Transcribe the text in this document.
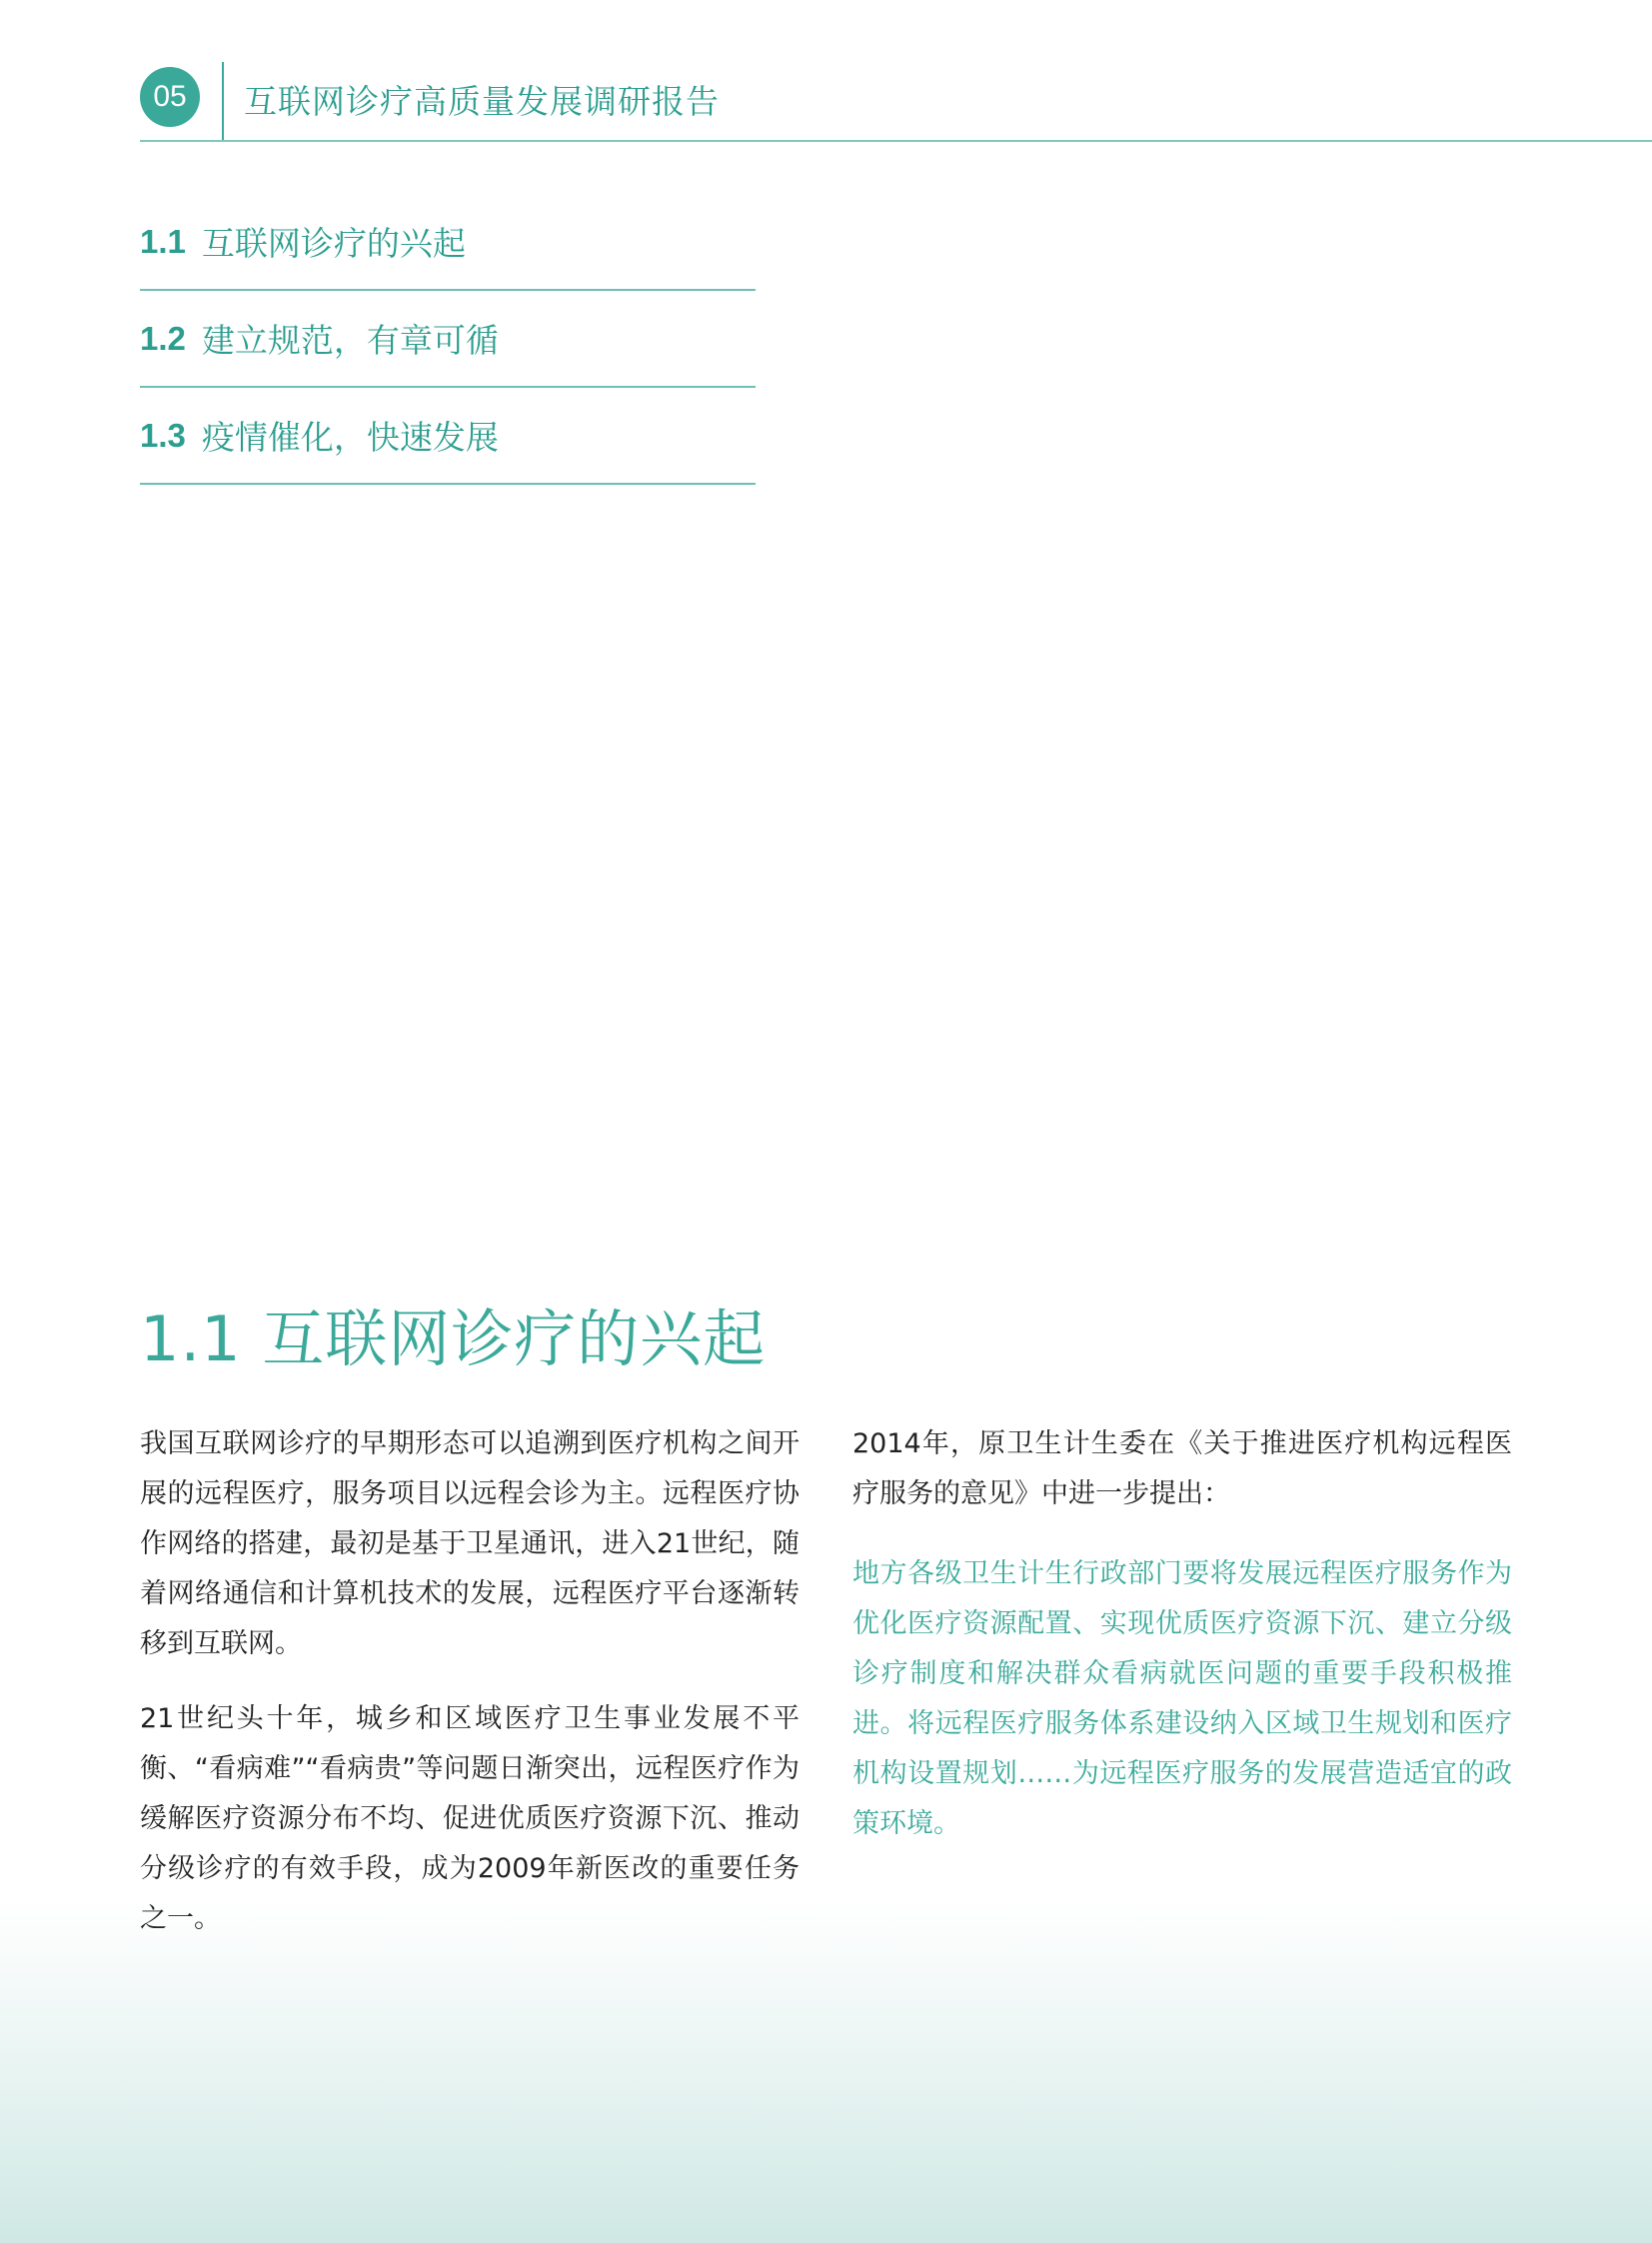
05	互联网诊疗高质量发展调研报告
1.1 互联网诊疗的兴起
1.2 建立规范，有章可循
1.3 疫情催化，快速发展
1.1 互联网诊疗的兴起

我国互联网诊疗的早期形态可以追溯到医疗机构之间开展的远程医疗，服务项目以远程会诊为主。远程医疗协作网络的搭建，最初是基于卫星通讯，进入21世纪，随着网络通信和计算机技术的发展，远程医疗平台逐渐转移到互联网。

21世纪头十年，城乡和区域医疗卫生事业发展不平衡、“看病难”“看病贵”等问题日渐突出，远程医疗作为缓解医疗资源分布不均、促进优质医疗资源下沉、推动分级诊疗的有效手段，成为2009年新医改的重要任务之一。

2014年，原卫生计生委在《关于推进医疗机构远程医疗服务的意见》中进一步提出：

地方各级卫生计生行政部门要将发展远程医疗服务作为优化医疗资源配置、实现优质医疗资源下沉、建立分级诊疗制度和解决群众看病就医问题的重要手段积极推进。将远程医疗服务体系建设纳入区域卫生规划和医疗机构设置规划……为远程医疗服务的发展营造适宜的政策环境。
